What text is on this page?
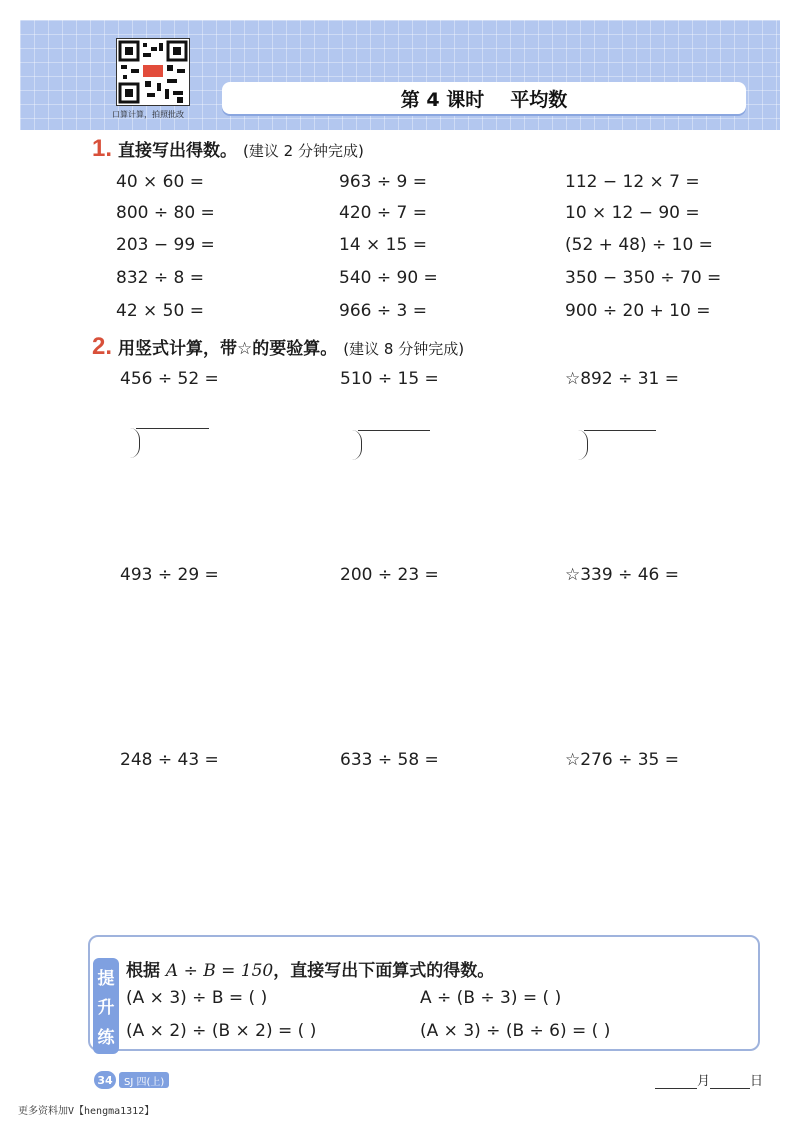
口算计算，拍照批改
第 4 课时 平均数
1. 直接写出得数。 (建议 2 分钟完成)
40 × 60 =	963 ÷ 9 =	112 − 12 × 7 =
800 ÷ 80 =	420 ÷ 7 =	10 × 12 − 90 =
203 − 99 =	14 × 15 =	(52 + 48) ÷ 10 =
832 ÷ 8 =	540 ÷ 90 =	350 − 350 ÷ 70 =
42 × 50 =	966 ÷ 3 =	900 ÷ 20 + 10 =
2. 用竖式计算，带☆的要验算。 (建议 8 分钟完成)
456 ÷ 52 =	510 ÷ 15 =	☆892 ÷ 31 =
493 ÷ 29 =	200 ÷ 23 =	☆339 ÷ 46 =
248 ÷ 43 =	633 ÷ 58 =	☆276 ÷ 35 =
提
升
练
根据 A ÷ B = 150，直接写出下面算式的得数。
(A × 3) ÷ B = ( )	A ÷ (B ÷ 3) = ( )
(A × 2) ÷ (B × 2) = ( )	(A × 3) ÷ (B ÷ 6) = ( )
34	SJ 四(上)	月	日
更多资料加V【hengma1312】
